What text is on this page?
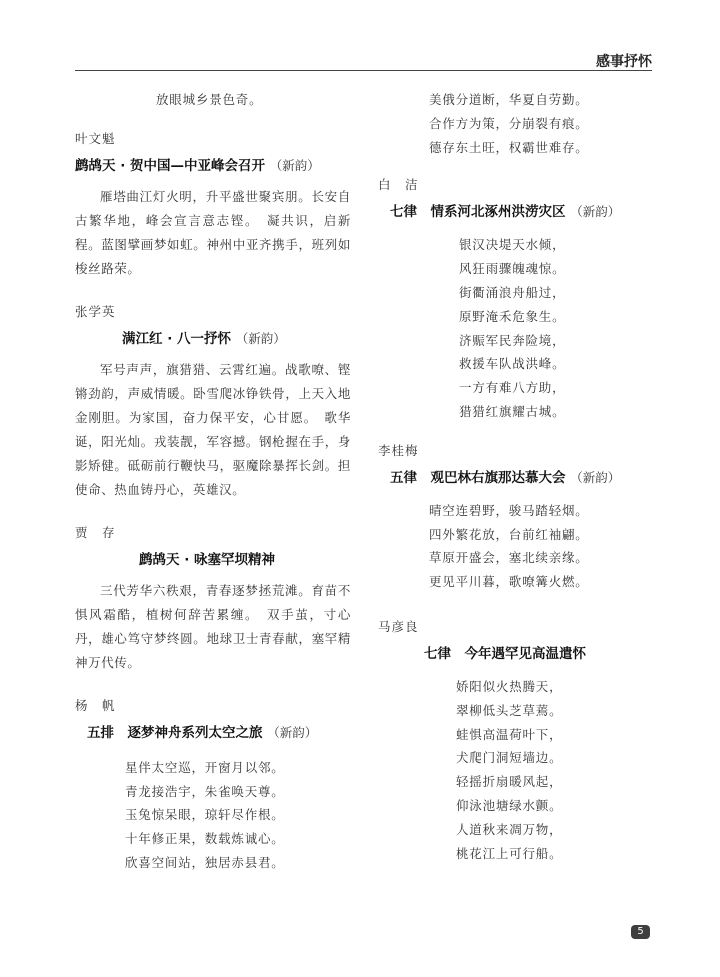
感事抒怀
放眼城乡景色奇。
叶文魁
鹧鸪天 · 贺中国—中亚峰会召开 （新韵）

雁塔曲江灯火明，升平盛世聚宾朋。长安自古繁华地，峰会宣言意志铿。　凝共识，启新程。蓝图擘画梦如虹。神州中亚齐携手，班列如梭丝路荣。

张学英
满江红 · 八一抒怀 （新韵）

军号声声，旗猎猎、云霄红遍。战歌嘹、铿锵劲韵，声威情暖。卧雪爬冰铮铁骨，上天入地金刚胆。为家国，奋力保平安，心甘愿。　歌华诞，阳光灿。戎装靓，军容撼。钢枪握在手，身影矫健。砥砺前行鞭快马，驱魔除暴挥长剑。担使命、热血铸丹心，英雄汉。

贾　存
鹧鸪天 · 咏塞罕坝精神

三代芳华六秩艰，青春逐梦拯荒滩。育苗不惧风霜酷，植树何辞苦累缠。　双手茧，寸心丹，雄心笃守梦终圆。地球卫士青春献，塞罕精神万代传。

杨　帆
五排　逐梦神舟系列太空之旅 （新韵）
星伴太空巡，开窗月以邻。
青龙接浩宇，朱雀唤天尊。
玉兔惊呆眼，琼轩尽作根。
十年修正果，数载炼诚心。
欣喜空间站，独居赤县君。
美俄分道断，华夏自劳勤。
合作方为策，分崩裂有痕。
德存东土旺，权霸世难存。
白　洁
七律　情系河北涿州洪涝灾区 （新韵）
银汉决堤天水倾，
风狂雨骤魄魂惊。
街衢涌浪舟船过，
原野淹禾危象生。
济赈军民奔险境，
救援车队战洪峰。
一方有难八方助，
猎猎红旗耀古城。
李桂梅
五律　观巴林右旗那达慕大会 （新韵）
晴空连碧野，骏马踏轻烟。
四外繁花放，台前红袖翩。
草原开盛会，塞北续亲缘。
更见平川暮，歌嘹篝火燃。
马彦良
七律　今年遇罕见高温遣怀
娇阳似火热腾天，
翠柳低头芝草蔫。
蛙惧高温荷叶下，
犬爬门洞短墙边。
轻摇折扇暖风起，
仰泳池塘绿水颤。
人道秋来凋万物，
桃花江上可行船。
5
